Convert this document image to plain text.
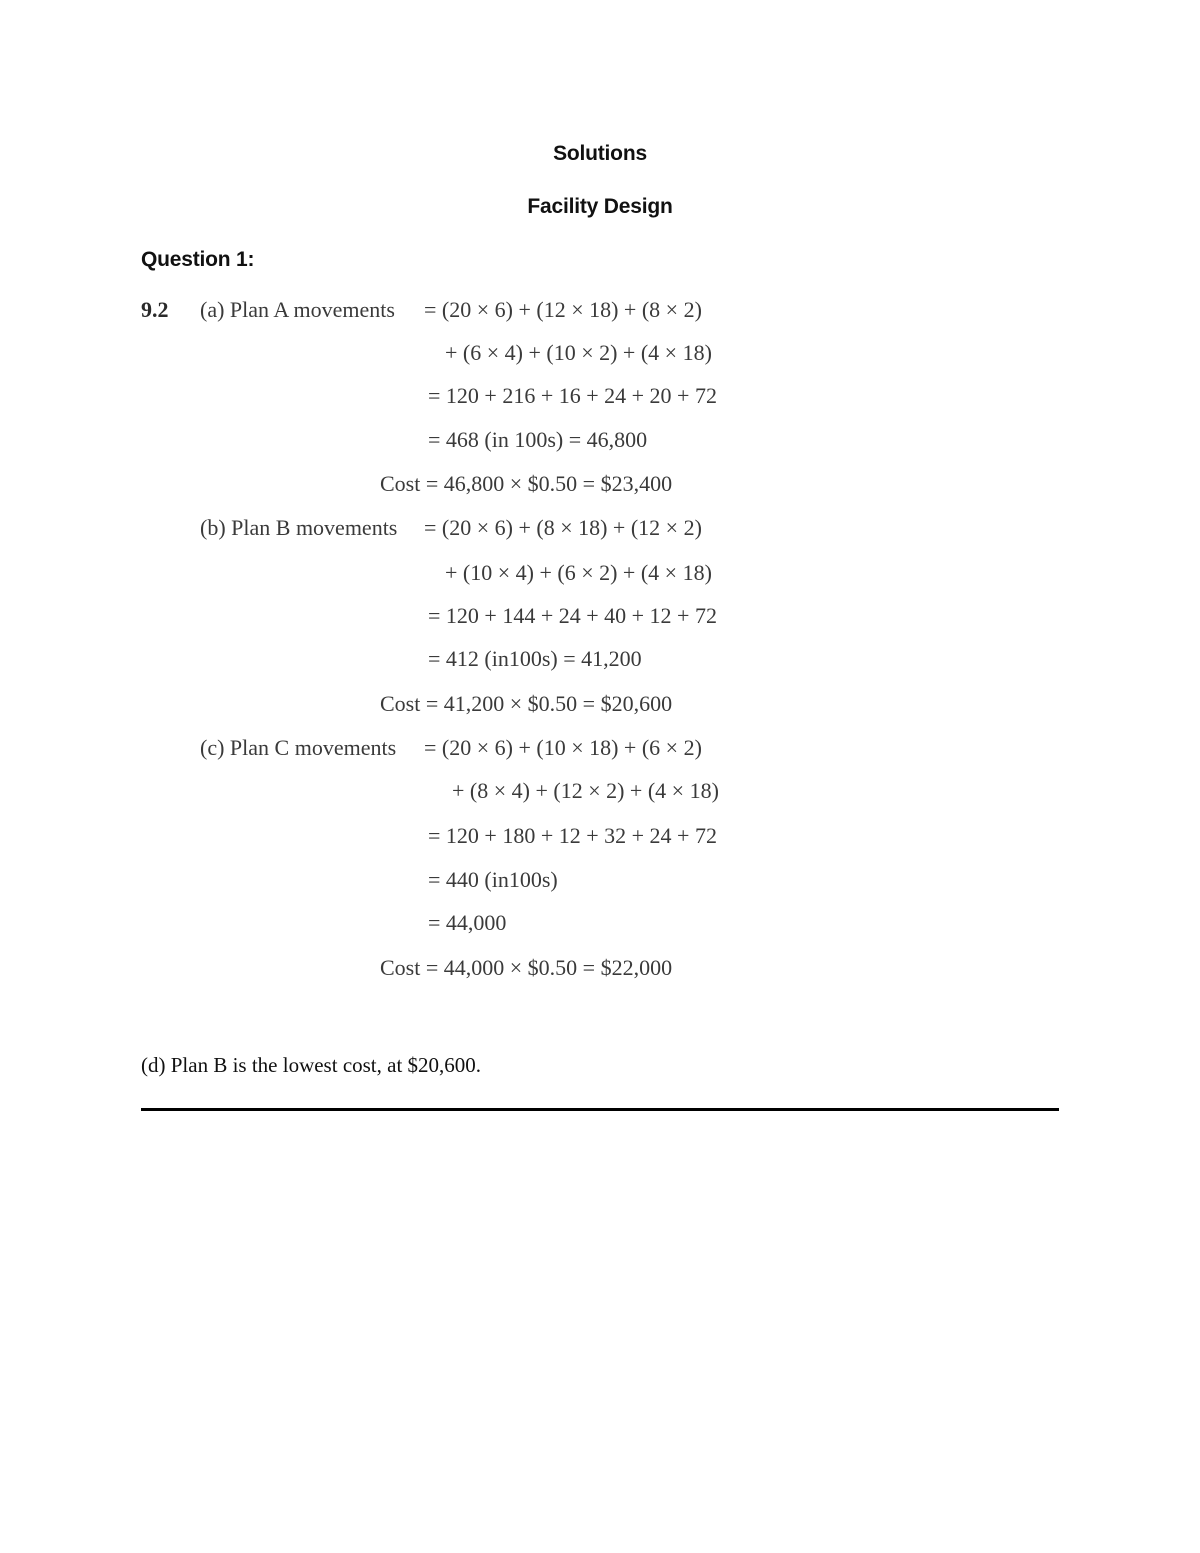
Solutions
Facility Design
Question 1:
9.2 (a) Plan A movements = (20 × 6) + (12 × 18) + (8 × 2)
+ (6 × 4) + (10 × 2) + (4 × 18)
= 120 + 216 + 16 + 24 + 20 + 72
= 468 (in 100s) = 46,800
Cost = 46,800 × $0.50 = $23,400
(b) Plan B movements = (20 × 6) + (8 × 18) + (12 × 2)
+ (10 × 4) + (6 × 2) + (4 × 18)
= 120 + 144 + 24 + 40 + 12 + 72
= 412 (in100s) = 41,200
Cost = 41,200 × $0.50 = $20,600
(c) Plan C movements = (20 × 6) + (10 × 18) + (6 × 2)
+ (8 × 4) + (12 × 2) + (4 × 18)
= 120 + 180 + 12 + 32 + 24 + 72
= 440 (in100s)
= 44,000
Cost = 44,000 × $0.50 = $22,000
(d) Plan B is the lowest cost, at $20,600.
